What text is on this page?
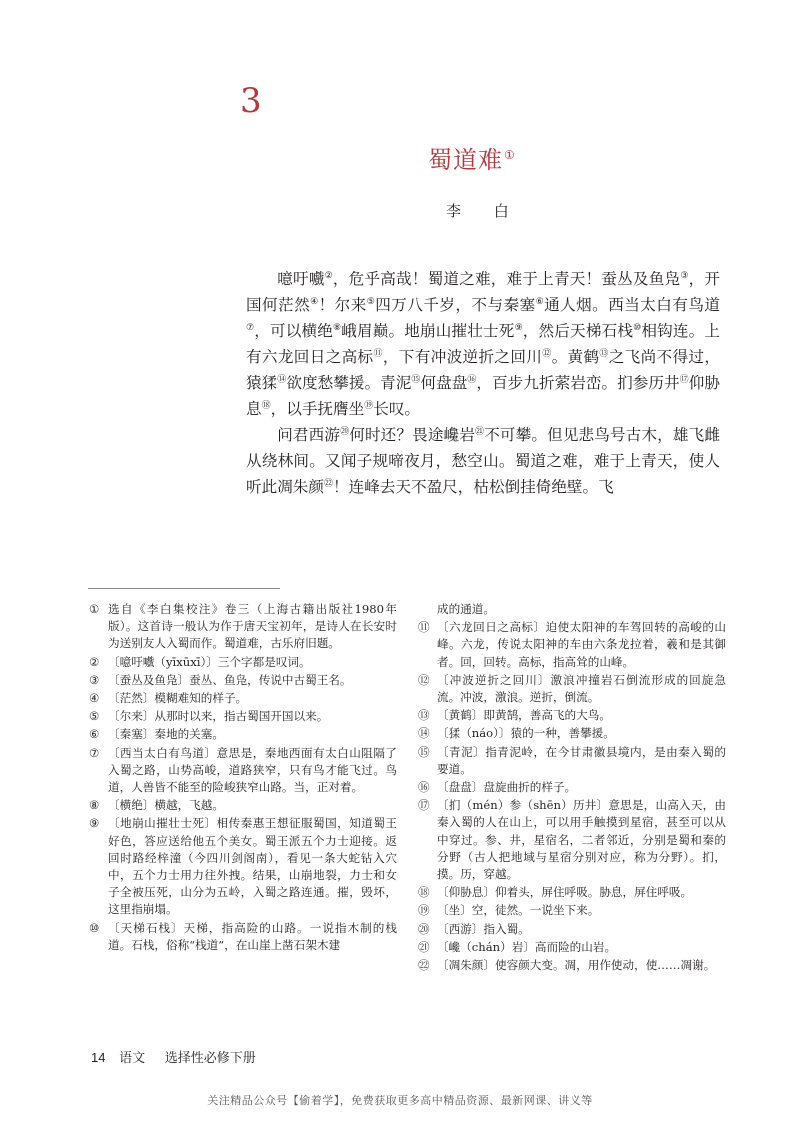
3
蜀道难①
李 白

噫吁嚱②，危乎高哉！蜀道之难，难于上青天！蚕丛及鱼凫③，开国何茫然④！尔来⑤四万八千岁，不与秦塞⑥通人烟。西当太白有鸟道⑦，可以横绝⑧峨眉巅。地崩山摧壮士死⑨，然后天梯石栈⑩相钩连。上有六龙回日之高标⑪，下有冲波逆折之回川⑫。黄鹤⑬之飞尚不得过，猿猱⑭欲度愁攀援。青泥⑮何盘盘⑯，百步九折萦岩峦。扪参历井⑰仰胁息⑱，以手抚膺坐⑲长叹。

问君西游⑳何时还？畏途巉岩$^㉑$不可攀。但见悲鸟号古木，雄飞雌从绕林间。又闻子规啼夜月，愁空山。蜀道之难，难于上青天，使人听此凋朱颜$^㉒$！连峰去天不盈尺，枯松倒挂倚绝壁。飞

① 选自《李白集校注》卷三（上海古籍出版社1980年版）。这首诗一般认为作于唐天宝初年，是诗人在长安时为送别友人入蜀而作。蜀道难，古乐府旧题。
② 〔噫吁嚱（yīxūxī）〕三个字都是叹词。
③ 〔蚕丛及鱼凫〕蚕丛、鱼凫，传说中古蜀王名。
④ 〔茫然〕模糊难知的样子。
⑤ 〔尔来〕从那时以来，指古蜀国开国以来。
⑥ 〔秦塞〕秦地的关塞。
⑦ 〔西当太白有鸟道〕意思是，秦地西面有太白山阻隔了入蜀之路，山势高峻，道路狭窄，只有鸟才能飞过。鸟道，人兽皆不能至的险峻狭窄山路。当，正对着。
⑧ 〔横绝〕横越，飞越。
⑨ 〔地崩山摧壮士死〕相传秦惠王想征服蜀国，知道蜀王好色，答应送给他五个美女。蜀王派五个力士迎接。返回时路经梓潼（今四川剑阁南），看见一条大蛇钻入穴中，五个力士用力往外拽。结果，山崩地裂，力士和女子全被压死，山分为五岭，入蜀之路连通。摧，毁坏，这里指崩塌。
⑩ 〔天梯石栈〕天梯，指高险的山路。一说指木制的栈道。石栈，俗称“栈道”，在山崖上凿石架木建
成的通道。
⑪ 〔六龙回日之高标〕迫使太阳神的车驾回转的高峻的山峰。六龙，传说太阳神的车由六条龙拉着，羲和是其御者。回，回转。高标，指高耸的山峰。
⑫ 〔冲波逆折之回川〕激浪冲撞岩石倒流形成的回旋急流。冲波，激浪。逆折，倒流。
⑬ 〔黄鹤〕即黄鹄，善高飞的大鸟。
⑭ 〔猱（náo）〕猿的一种，善攀援。
⑮ 〔青泥〕指青泥岭，在今甘肃徽县境内，是由秦入蜀的要道。
⑯ 〔盘盘〕盘旋曲折的样子。
⑰ 〔扪（mén）参（shēn）历井〕意思是，山高入天，由秦入蜀的人在山上，可以用手触摸到星宿，甚至可以从中穿过。参、井，星宿名，二者邻近，分别是蜀和秦的分野（古人把地域与星宿分别对应，称为分野）。扪，摸。历，穿越。
⑱ 〔仰胁息〕仰着头，屏住呼吸。胁息，屏住呼吸。
⑲ 〔坐〕空，徒然。一说坐下来。
⑳ 〔西游〕指入蜀。
㉑ 〔巉（chán）岩〕高而险的山岩。
㉒ 〔凋朱颜〕使容颜大变。凋，用作使动，使……凋谢。
14 语文 选择性必修下册
关注精品公众号【偷着学】，免费获取更多高中精品资源、最新网课、讲义等
